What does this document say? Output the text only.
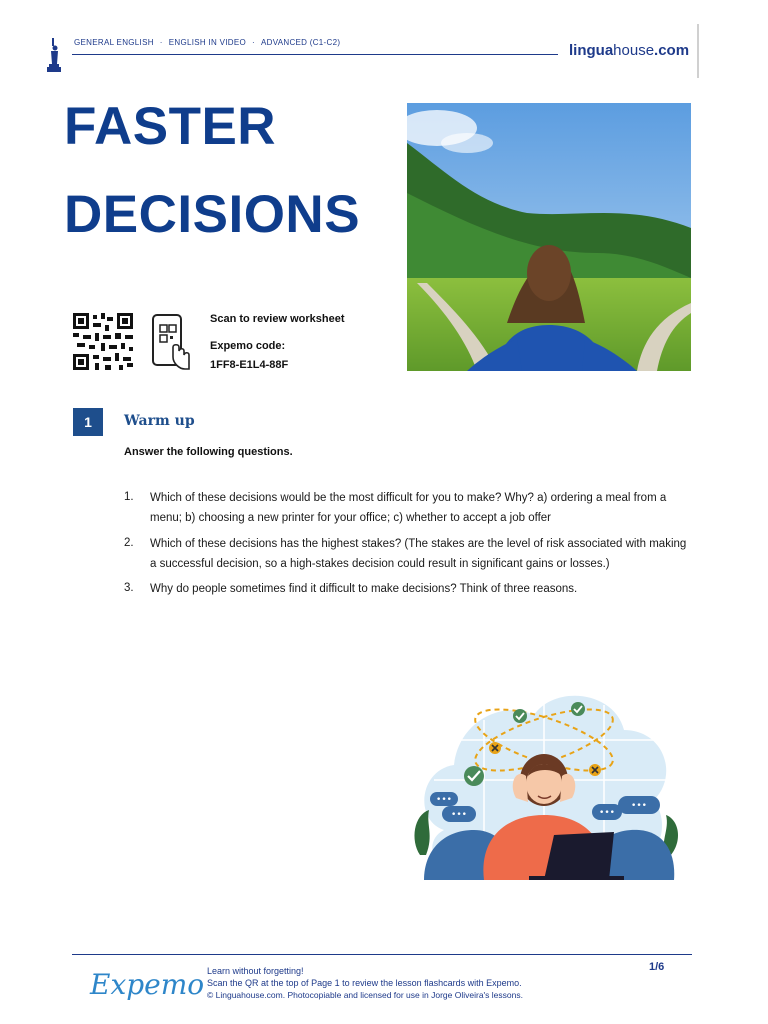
GENERAL ENGLISH · ENGLISH IN VIDEO · ADVANCED (C1-C2)	linguahouse.com
FASTER
DECISIONS
Scan to review worksheet
Expemo code:
1FF8-E1L4-88F
1	Warm up
Answer the following questions.
1. Which of these decisions would be the most difficult for you to make? Why? a) ordering a meal from a menu; b) choosing a new printer for your office; c) whether to accept a job offer
2. Which of these decisions has the highest stakes? (The stakes are the level of risk associated with making a successful decision, so a high-stakes decision could result in significant gains or losses.)
3. Why do people sometimes find it difficult to make decisions? Think of three reasons.
•••
•••	•••
•••
Expemo Learn without forgetting!
Scan the QR at the top of Page 1 to review the lesson flashcards with Expemo.
© Linguahouse.com. Photocopiable and licensed for use in Jorge Oliveira's lessons.
1/6
